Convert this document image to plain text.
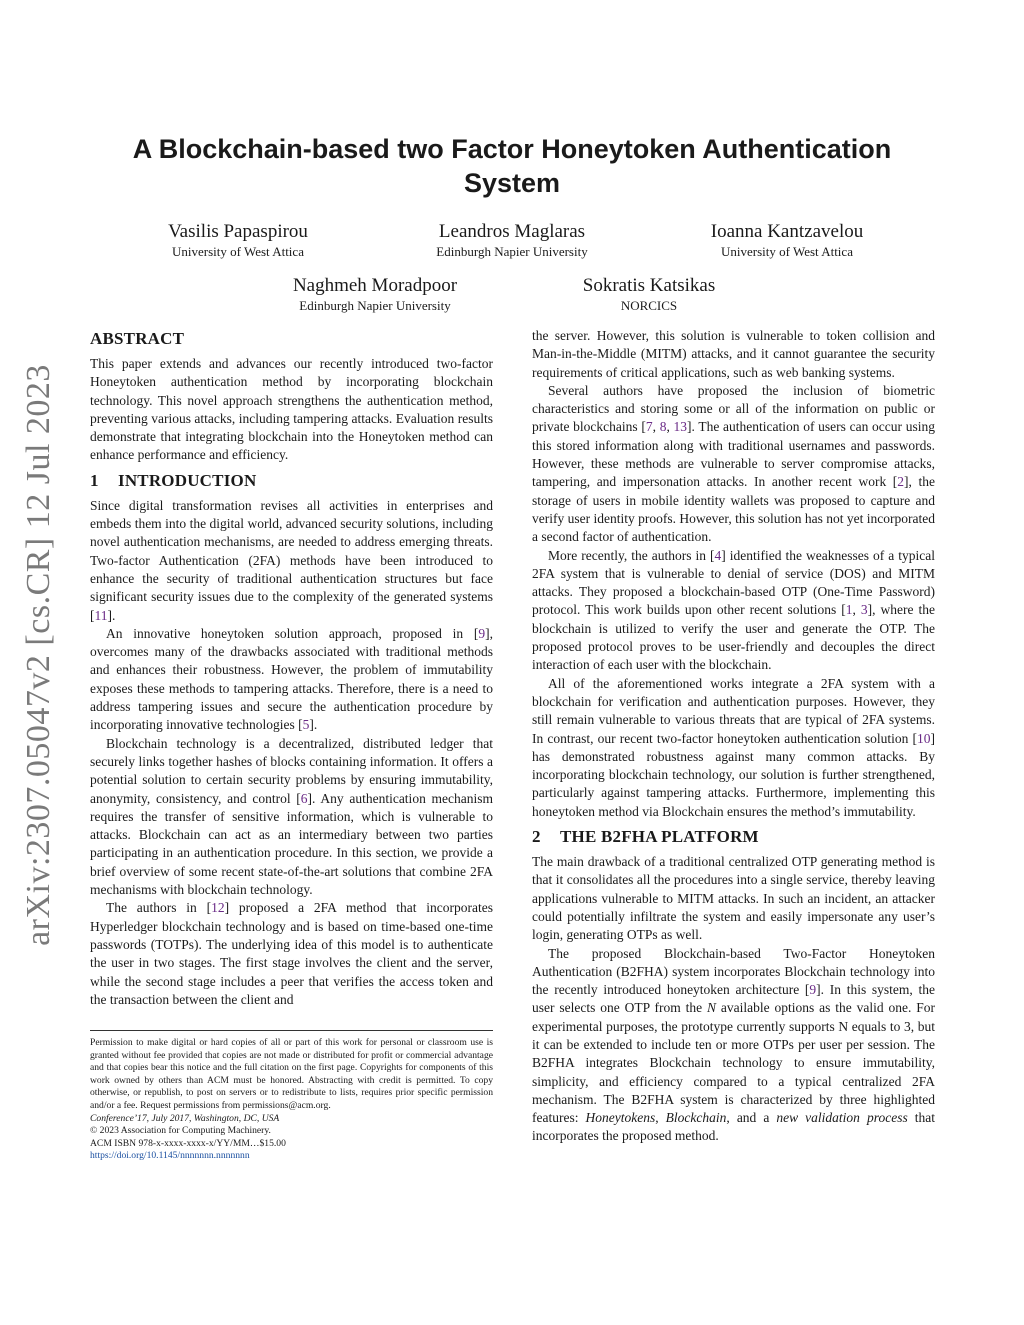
arXiv:2307.05047v2 [cs.CR] 12 Jul 2023
A Blockchain-based two Factor Honeytoken Authentication System
Vasilis Papaspirou
University of West Attica
Leandros Maglaras
Edinburgh Napier University
Ioanna Kantzavelou
University of West Attica
Naghmeh Moradpoor
Edinburgh Napier University
Sokratis Katsikas
NORCICS
ABSTRACT

This paper extends and advances our recently introduced two-factor Honeytoken authentication method by incorporating blockchain technology. This novel approach strengthens the authentication method, preventing various attacks, including tampering attacks. Evaluation results demonstrate that integrating blockchain into the Honeytoken method can enhance performance and efficiency.

1 INTRODUCTION

Since digital transformation revises all activities in enterprises and embeds them into the digital world, advanced security solutions, including novel authentication mechanisms, are needed to address emerging threats. Two-factor Authentication (2FA) methods have been introduced to enhance the security of traditional authentication structures but face significant security issues due to the complexity of the generated systems [11].

An innovative honeytoken solution approach, proposed in [9], overcomes many of the drawbacks associated with traditional methods and enhances their robustness. However, the problem of immutability exposes these methods to tampering attacks. Therefore, there is a need to address tampering issues and secure the authentication procedure by incorporating innovative technologies [5].

Blockchain technology is a decentralized, distributed ledger that securely links together hashes of blocks containing information. It offers a potential solution to certain security problems by ensuring immutability, anonymity, consistency, and control [6]. Any authentication mechanism requires the transfer of sensitive information, which is vulnerable to attacks. Blockchain can act as an intermediary between two parties participating in an authentication procedure. In this section, we provide a brief overview of some recent state-of-the-art solutions that combine 2FA mechanisms with blockchain technology.

The authors in [12] proposed a 2FA method that incorporates Hyperledger blockchain technology and is based on time-based one-time passwords (TOTPs). The underlying idea of this model is to authenticate the user in two stages. The first stage involves the client and the server, while the second stage includes a peer that verifies the access token and the transaction between the client and

Permission to make digital or hard copies of all or part of this work for personal or classroom use is granted without fee provided that copies are not made or distributed for profit or commercial advantage and that copies bear this notice and the full citation on the first page. Copyrights for components of this work owned by others than ACM must be honored. Abstracting with credit is permitted. To copy otherwise, or republish, to post on servers or to redistribute to lists, requires prior specific permission and/or a fee. Request permissions from permissions@acm.org.

Conference’17, July 2017, Washington, DC, USA

© 2023 Association for Computing Machinery.

ACM ISBN 978-x-xxxx-xxxx-x/YY/MM…$15.00

https://doi.org/10.1145/nnnnnnn.nnnnnnn

the server. However, this solution is vulnerable to token collision and Man-in-the-Middle (MITM) attacks, and it cannot guarantee the security requirements of critical applications, such as web banking systems.

Several authors have proposed the inclusion of biometric characteristics and storing some or all of the information on public or private blockchains [7, 8, 13]. The authentication of users can occur using this stored information along with traditional usernames and passwords. However, these methods are vulnerable to server compromise attacks, tampering, and impersonation attacks. In another recent work [2], the storage of users in mobile identity wallets was proposed to capture and verify user identity proofs. However, this solution has not yet incorporated a second factor of authentication.

More recently, the authors in [4] identified the weaknesses of a typical 2FA system that is vulnerable to denial of service (DOS) and MITM attacks. They proposed a blockchain-based OTP (One-Time Password) protocol. This work builds upon other recent solutions [1, 3], where the blockchain is utilized to verify the user and generate the OTP. The proposed protocol proves to be user-friendly and decouples the direct interaction of each user with the blockchain.

All of the aforementioned works integrate a 2FA system with a blockchain for verification and authentication purposes. However, they still remain vulnerable to various threats that are typical of 2FA systems. In contrast, our recent two-factor honeytoken authentication solution [10] has demonstrated robustness against many common attacks. By incorporating blockchain technology, our solution is further strengthened, particularly against tampering attacks. Furthermore, implementing this honeytoken method via Blockchain ensures the method’s immutability.

2 THE B2FHA PLATFORM

The main drawback of a traditional centralized OTP generating method is that it consolidates all the procedures into a single service, thereby leaving applications vulnerable to MITM attacks. In such an incident, an attacker could potentially infiltrate the system and easily impersonate any user’s login, generating OTPs as well.

The proposed Blockchain-based Two-Factor Honeytoken Authentication (B2FHA) system incorporates Blockchain technology into the recently introduced honeytoken architecture [9]. In this system, the user selects one OTP from the N available options as the valid one. For experimental purposes, the prototype currently supports N equals to 3, but it can be extended to include ten or more OTPs per user per session. The B2FHA integrates Blockchain technology to ensure immutability, simplicity, and efficiency compared to a typical centralized 2FA mechanism. The B2FHA system is characterized by three highlighted features: Honeytokens, Blockchain, and a new validation process that incorporates the proposed method.
